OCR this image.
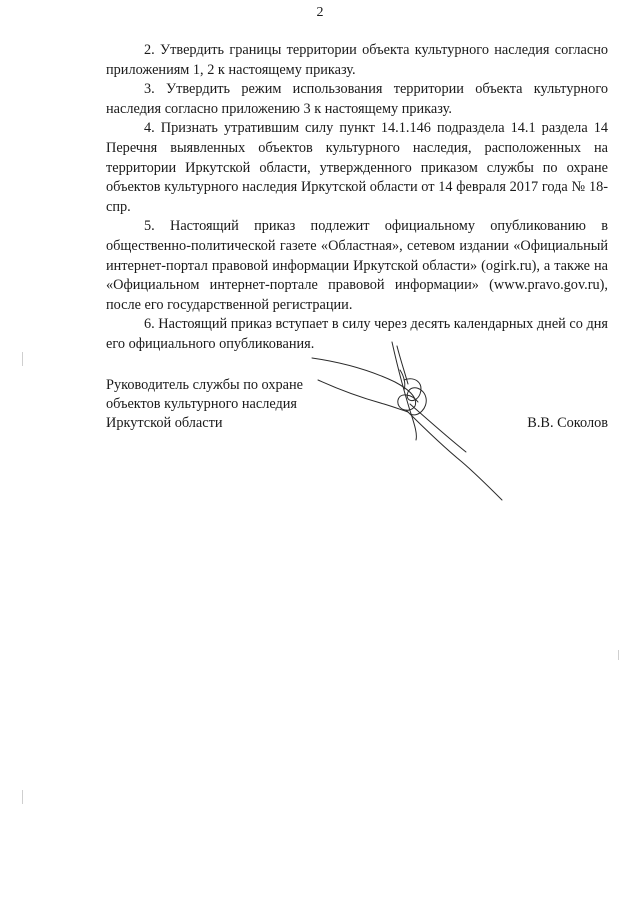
2

2. Утвердить границы территории объекта культурного наследия согласно приложениям 1, 2 к настоящему приказу.

3. Утвердить режим использования территории объекта культурного наследия согласно приложению 3 к настоящему приказу.

4. Признать утратившим силу пункт 14.1.146 подраздела 14.1 раздела 14 Перечня выявленных объектов культурного наследия, расположенных на территории Иркутской области, утвержденного приказом службы по охране объектов культурного наследия Иркутской области от 14 февраля 2017 года № 18-спр.

5. Настоящий приказ подлежит официальному опубликованию в общественно-политической газете «Областная», сетевом издании «Официальный интернет-портал правовой информации Иркутской области» (ogirk.ru), а также на «Официальном интернет-портале правовой информации» (www.pravo.gov.ru), после его государственной регистрации.

6. Настоящий приказ вступает в силу через десять календарных дней со дня его официального опубликования.

Руководитель службы по охране
объектов культурного наследия
Иркутской области	В.В. Соколов
